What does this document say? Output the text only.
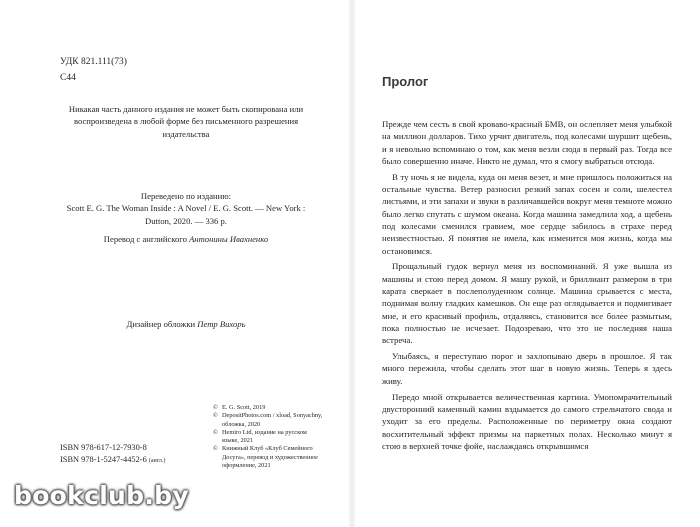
УДК 821.111(73)
С44
Никакая часть данного издания не может быть скопирована или воспроизведена в любой форме без письменного разрешения издательства
Переведено по изданию:
Scott E. G. The Woman Inside : A Novel / E. G. Scott. — New York : Dutton, 2020. — 336 p.
Перевод с английского Антонины Ивахненко
Дизайнер обложки Петр Вихорь
ISBN 978-617-12-7930-8
ISBN 978-1-5247-4452-6 (англ.)
© E. G. Scott, 2019
© DepositPhotos.com / xload, Sonyachny, обложка, 2020
© Hemiro Ltd, издание на русском языке, 2021
© Книжный Клуб «Клуб Семейного Досуга», перевод и художественное оформление, 2021
Пролог

Прежде чем сесть в свой кроваво-красный БМВ, он ослепляет меня улыбкой на миллион долларов. Тихо урчит двигатель, под колесами шуршит щебень, и я невольно вспоминаю о том, как меня везли сюда в первый раз. Тогда все было совершенно иначе. Никто не думал, что я смогу выбраться отсюда.

В ту ночь я не видела, куда он меня везет, и мне пришлось положиться на остальные чувства. Ветер разносил резкий запах сосен и соли, шелестел листьями, и эти запахи и звуки в различавшейся вокруг меня темноте можно было легко спутать с шумом океана. Когда машина замедлила ход, а щебень под колесами сменился гравием, мое сердце забилось в страхе перед неизвестностью. Я понятия не имела, как изменится моя жизнь, когда мы остановимся.

Прощальный гудок вернул меня из воспоминаний. Я уже вышла из машины и стою перед домом. Я машу рукой, и бриллиант размером в три карата сверкает в послеполуденном солнце. Машина срывается с места, поднимая волну гладких камешков. Он еще раз оглядывается и подмигивает мне, и его красивый профиль, отдаляясь, становится все более размытым, пока полностью не исчезает. Подозреваю, что это не последняя наша встреча.

Улыбаясь, я переступаю порог и захлопываю дверь в прошлое. Я так много пережила, чтобы сделать этот шаг в новую жизнь. Теперь я здесь живу.

Передо мной открывается величественная картина. Умопомрачительный двусторонний каменный камин вздымается до самого стрельчатого свода и уходит за его пределы. Расположенные по периметру окна создают восхитительный эффект призмы на паркетных полах. Несколько минут я стою в верхней точке фойе, наслаждаясь открывшимся

bookclub.by
